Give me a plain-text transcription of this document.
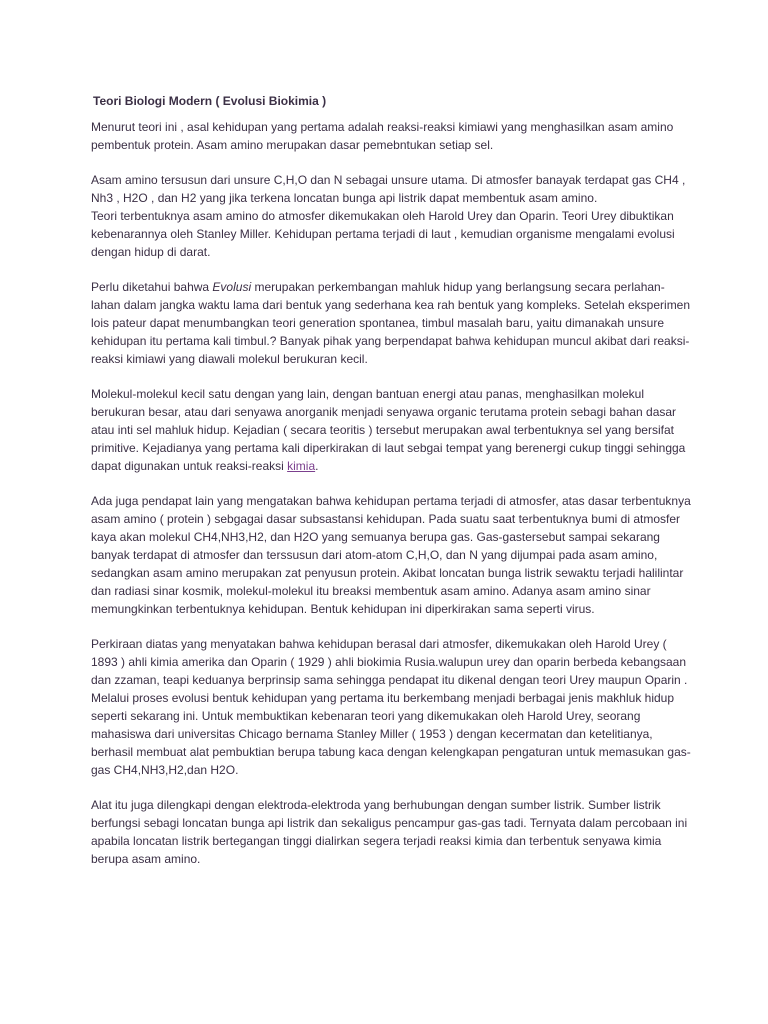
Teori Biologi Modern ( Evolusi Biokimia )

Menurut teori ini , asal kehidupan yang pertama adalah reaksi-reaksi kimiawi yang menghasilkan asam amino pembentuk protein. Asam amino merupakan dasar pemebntukan setiap sel.

Asam amino tersusun dari unsure C,H,O dan N sebagai unsure utama. Di atmosfer banayak terdapat gas CH4 , Nh3 , H2O , dan H2 yang jika terkena loncatan bunga api listrik dapat membentuk asam amino.

Teori terbentuknya asam amino do atmosfer dikemukakan oleh Harold Urey dan Oparin. Teori Urey dibuktikan kebenarannya oleh Stanley Miller. Kehidupan pertama terjadi di laut , kemudian organisme mengalami evolusi dengan hidup di darat.

Perlu diketahui bahwa Evolusi merupakan perkembangan mahluk hidup yang berlangsung secara perlahan-lahan dalam jangka waktu lama dari bentuk yang sederhana kea rah bentuk yang kompleks. Setelah eksperimen lois pateur dapat menumbangkan teori generation spontanea, timbul masalah baru, yaitu dimanakah unsure kehidupan itu pertama kali timbul.? Banyak pihak yang berpendapat bahwa kehidupan muncul akibat dari reaksi-reaksi kimiawi yang diawali molekul berukuran kecil.

Molekul-molekul kecil satu dengan yang lain, dengan bantuan energi atau panas, menghasilkan molekul berukuran besar, atau dari senyawa anorganik menjadi senyawa organic terutama protein sebagi bahan dasar atau inti sel mahluk hidup. Kejadian ( secara teoritis ) tersebut merupakan awal terbentuknya sel yang bersifat primitive. Kejadianya yang pertama kali diperkirakan di laut sebgai tempat yang berenergi cukup tinggi sehingga dapat digunakan untuk reaksi-reaksi kimia.

Ada juga pendapat lain yang mengatakan bahwa kehidupan pertama terjadi di atmosfer, atas dasar terbentuknya asam amino ( protein ) sebgagai dasar subsastansi kehidupan. Pada suatu saat terbentuknya bumi di atmosfer kaya akan molekul CH4,NH3,H2, dan H2O yang semuanya berupa gas. Gas-gastersebut sampai sekarang banyak terdapat di atmosfer dan terssusun dari atom-atom C,H,O, dan N yang dijumpai pada asam amino, sedangkan asam amino merupakan zat penyusun protein. Akibat loncatan bunga listrik sewaktu terjadi halilintar dan radiasi sinar kosmik, molekul-molekul itu breaksi membentuk asam amino. Adanya asam amino sinar memungkinkan terbentuknya kehidupan. Bentuk kehidupan ini diperkirakan sama seperti virus.

Perkiraan diatas yang menyatakan bahwa kehidupan berasal dari atmosfer, dikemukakan oleh Harold Urey ( 1893 ) ahli kimia amerika dan Oparin ( 1929 ) ahli biokimia Rusia.walupun urey dan oparin berbeda kebangsaan dan zzaman, teapi keduanya berprinsip sama sehingga pendapat itu dikenal dengan teori Urey maupun Oparin . Melalui proses evolusi bentuk kehidupan yang pertama itu berkembang menjadi berbagai jenis makhluk hidup seperti sekarang ini. Untuk membuktikan kebenaran teori yang dikemukakan oleh Harold Urey, seorang mahasiswa dari universitas Chicago bernama Stanley Miller ( 1953 ) dengan kecermatan dan ketelitianya, berhasil membuat alat pembuktian berupa tabung kaca dengan kelengkapan pengaturan untuk memasukan gas-gas CH4,NH3,H2,dan H2O.

Alat itu juga dilengkapi dengan elektroda-elektroda yang berhubungan dengan sumber listrik. Sumber listrik berfungsi sebagi loncatan bunga api listrik dan sekaligus pencampur gas-gas tadi. Ternyata dalam percobaan ini apabila loncatan listrik bertegangan tinggi dialirkan segera terjadi reaksi kimia dan terbentuk senyawa kimia berupa asam amino.
